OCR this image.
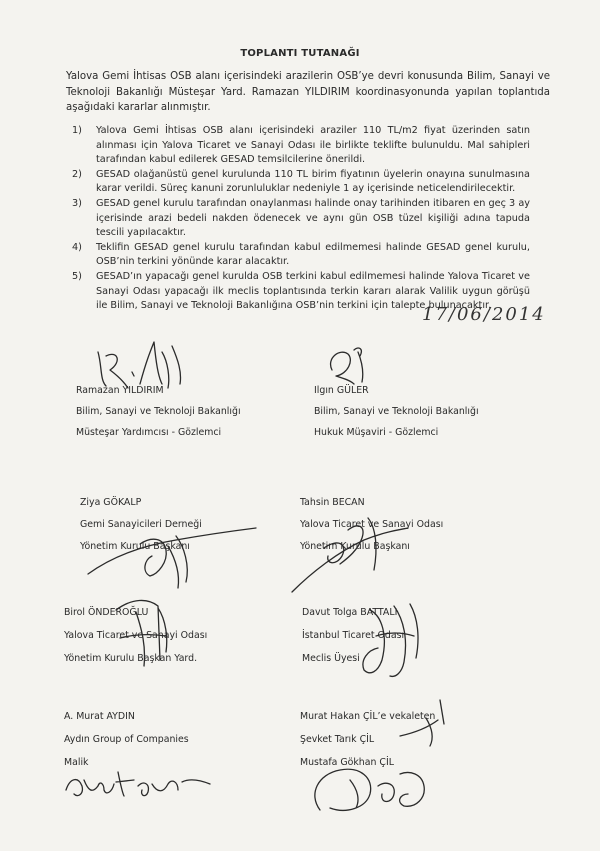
TOPLANTI TUTANAĞI
Yalova Gemi İhtisas OSB alanı içerisindeki arazilerin OSB’ye devri konusunda Bilim, Sanayi ve Teknoloji Bakanlığı Müsteşar Yard. Ramazan YILDIRIM koordinasyonunda yapılan toplantıda aşağıdaki kararlar alınmıştır.
1) Yalova Gemi İhtisas OSB alanı içerisindeki araziler 110 TL/m2 fiyat üzerinden satın alınması için Yalova Ticaret ve Sanayi Odası ile birlikte teklifte bulunuldu. Mal sahipleri tarafından kabul edilerek GESAD temsilcilerine önerildi.
2) GESAD olağanüstü genel kurulunda 110 TL birim fiyatının üyelerin onayına sunulmasına karar verildi. Süreç kanuni zorunluluklar nedeniyle 1 ay içerisinde neticelendirilecektir.
3) GESAD genel kurulu tarafından onaylanması halinde onay tarihinden itibaren en geç 3 ay içerisinde arazi bedeli nakden ödenecek ve aynı gün OSB tüzel kişiliği adına tapuda tescili yapılacaktır.
4) Teklifin GESAD genel kurulu tarafından kabul edilmemesi halinde GESAD genel kurulu, OSB’nin terkini yönünde karar alacaktır.
5) GESAD’ın yapacağı genel kurulda OSB terkini kabul edilmemesi halinde Yalova Ticaret ve Sanayi Odası yapacağı ilk meclis toplantısında terkin kararı alarak Valilik uygun görüşü ile Bilim, Sanayi ve Teknoloji Bakanlığına OSB’nin terkini için talepte bulunacaktır.
17/06/2014
Ramazan YILDIRIM
Bilim, Sanayi ve Teknoloji Bakanlığı
Müsteşar Yardımcısı - Gözlemci
Ilgın GÜLER
Bilim, Sanayi ve Teknoloji Bakanlığı
Hukuk Müşaviri - Gözlemci
Ziya GÖKALP
Gemi Sanayicileri Derneği
Yönetim Kurulu Başkanı
Tahsin BECAN
Yalova Ticaret ve Sanayi Odası
Yönetim Kurulu Başkanı
Birol ÖNDEROĞLU
Yalova Ticaret ve Sanayi Odası
Yönetim Kurulu Başkan Yard.
Davut Tolga BATTALI
İstanbul Ticaret Odası
Meclis Üyesi
A. Murat AYDIN
Aydın Group of Companies
Malik
Murat Hakan ÇİL’e vekaleten
Şevket Tarık ÇİL
Mustafa Gökhan ÇİL
